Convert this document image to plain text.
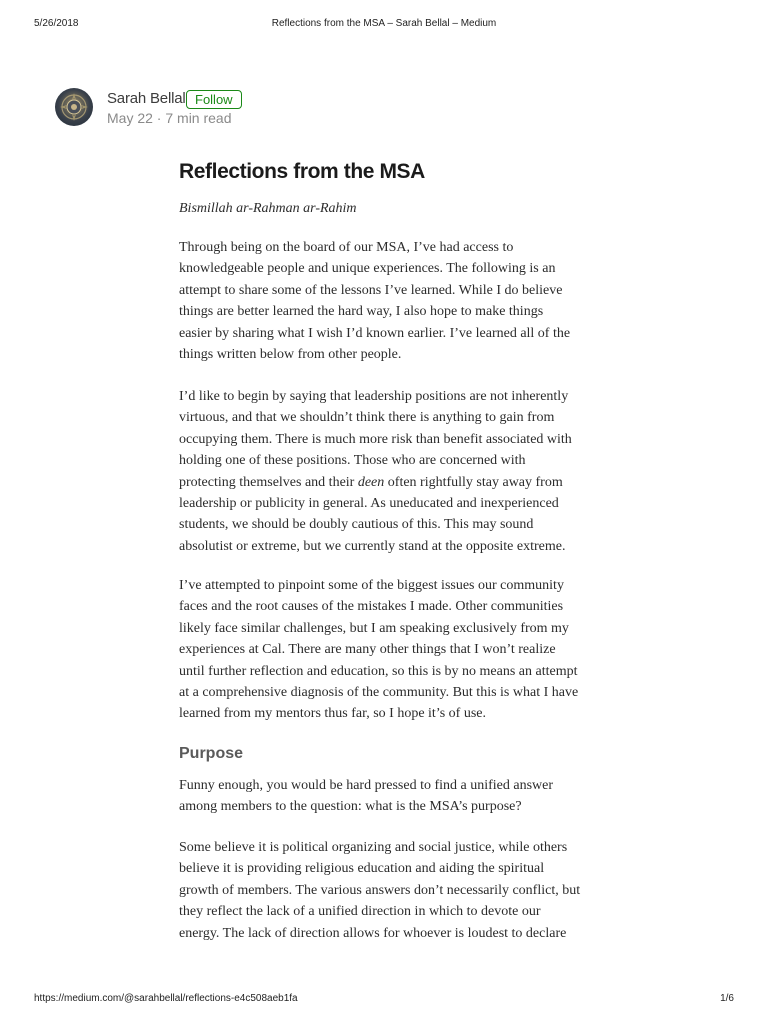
5/26/2018	Reflections from the MSA – Sarah Bellal – Medium
Sarah Bellal Follow
May 22 · 7 min read
Reflections from the MSA

Bismillah ar-Rahman ar-Rahim

Through being on the board of our MSA, I’ve had access to
knowledgeable people and unique experiences. The following is an
attempt to share some of the lessons I’ve learned. While I do believe
things are better learned the hard way, I also hope to make things
easier by sharing what I wish I’d known earlier. I’ve learned all of the
things written below from other people.

I’d like to begin by saying that leadership positions are not inherently
virtuous, and that we shouldn’t think there is anything to gain from
occupying them. There is much more risk than benefit associated with
holding one of these positions. Those who are concerned with
protecting themselves and their deen often rightfully stay away from
leadership or publicity in general. As uneducated and inexperienced
students, we should be doubly cautious of this. This may sound
absolutist or extreme, but we currently stand at the opposite extreme.

I’ve attempted to pinpoint some of the biggest issues our community
faces and the root causes of the mistakes I made. Other communities
likely face similar challenges, but I am speaking exclusively from my
experiences at Cal. There are many other things that I won’t realize
until further reflection and education, so this is by no means an attempt
at a comprehensive diagnosis of the community. But this is what I have
learned from my mentors thus far, so I hope it’s of use.

Purpose

Funny enough, you would be hard pressed to find a unified answer
among members to the question: what is the MSA’s purpose?

Some believe it is political organizing and social justice, while others
believe it is providing religious education and aiding the spiritual
growth of members. The various answers don’t necessarily conflict, but
they reflect the lack of a unified direction in which to devote our
energy. The lack of direction allows for whoever is loudest to declare

https://medium.com/@sarahbellal/reflections-e4c508aeb1fa	1/6
